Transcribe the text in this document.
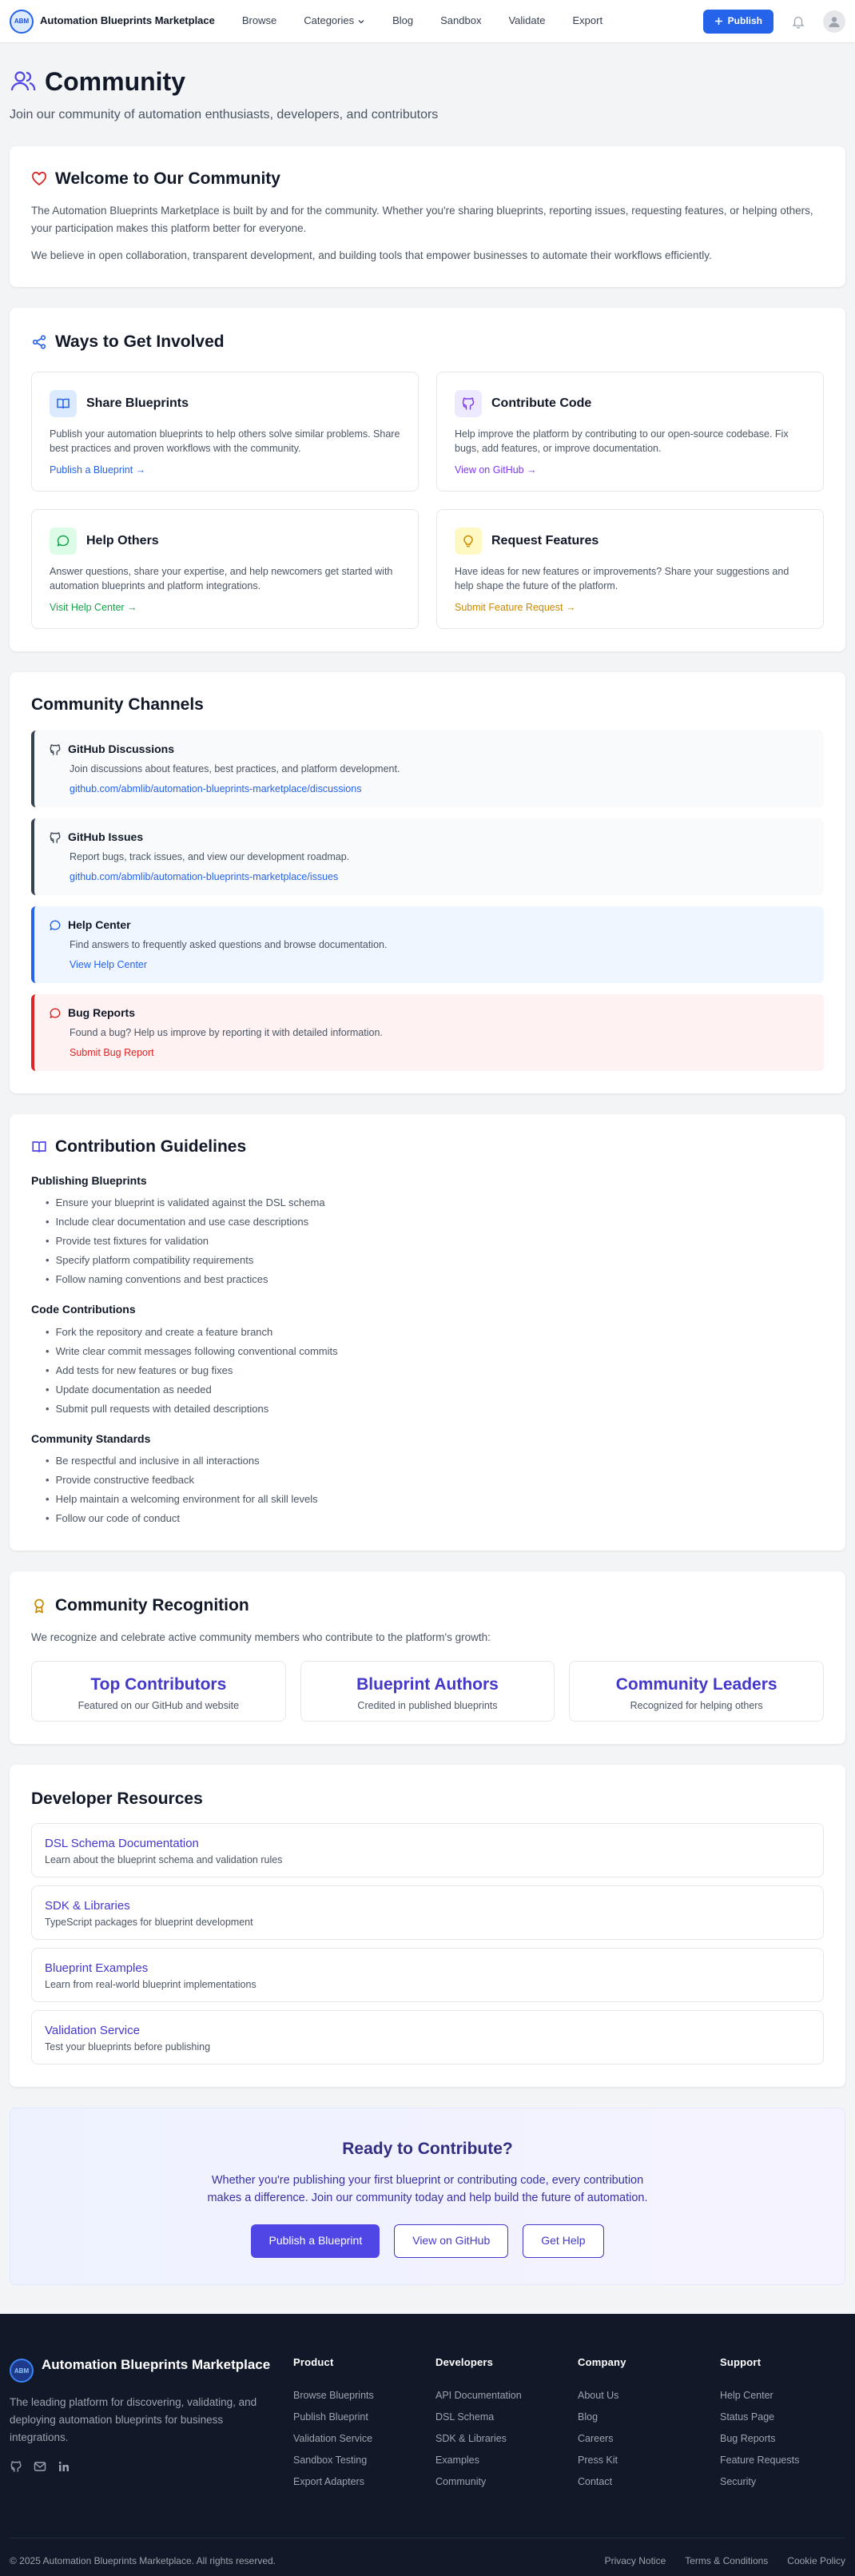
ABM	Automation Blueprints Marketplace	Browse	Categories	Blog	Sandbox	Validate	Export	Publish
Community

Join our community of automation enthusiasts, developers, and contributors

Welcome to Our Community

The Automation Blueprints Marketplace is built by and for the community. Whether you're sharing blueprints, reporting issues, requesting features, or helping others, your participation makes this platform better for everyone.

We believe in open collaboration, transparent development, and building tools that empower businesses to automate their workflows efficiently.

Ways to Get Involved
Share Blueprints

Publish your automation blueprints to help others solve similar problems. Share best practices and proven workflows with the community.

Publish a Blueprint →
Contribute Code

Help improve the platform by contributing to our open-source codebase. Fix bugs, add features, or improve documentation.

View on GitHub →
Help Others

Answer questions, share your expertise, and help newcomers get started with automation blueprints and platform integrations.

Visit Help Center →
Request Features

Have ideas for new features or improvements? Share your suggestions and help shape the future of the platform.

Submit Feature Request →
Community Channels
GitHub Discussions

Join discussions about features, best practices, and platform development.

github.com/abmlib/automation-blueprints-marketplace/discussions
GitHub Issues

Report bugs, track issues, and view our development roadmap.

github.com/abmlib/automation-blueprints-marketplace/issues
Help Center

Find answers to frequently asked questions and browse documentation.

View Help Center
Bug Reports

Found a bug? Help us improve by reporting it with detailed information.

Submit Bug Report
Contribution Guidelines
Publishing Blueprints
• Ensure your blueprint is validated against the DSL schema
• Include clear documentation and use case descriptions
• Provide test fixtures for validation
• Specify platform compatibility requirements
• Follow naming conventions and best practices
Code Contributions
• Fork the repository and create a feature branch
• Write clear commit messages following conventional commits
• Add tests for new features or bug fixes
• Update documentation as needed
• Submit pull requests with detailed descriptions
Community Standards
• Be respectful and inclusive in all interactions
• Provide constructive feedback
• Help maintain a welcoming environment for all skill levels
• Follow our code of conduct
Community Recognition

We recognize and celebrate active community members who contribute to the platform's growth:

Top Contributors
Featured on our GitHub and website
Blueprint Authors
Credited in published blueprints
Community Leaders
Recognized for helping others
Developer Resources
DSL Schema Documentation
Learn about the blueprint schema and validation rules
SDK & Libraries
TypeScript packages for blueprint development
Blueprint Examples
Learn from real-world blueprint implementations
Validation Service
Test your blueprints before publishing
Ready to Contribute?

Whether you're publishing your first blueprint or contributing code, every contribution makes a difference. Join our community today and help build the future of automation.

Publish a Blueprint	View on GitHub	Get Help
ABM Automation Blueprints Marketplace

The leading platform for discovering, validating, and deploying automation blueprints for business integrations.

Product
Browse Blueprints
Publish Blueprint
Validation Service
Sandbox Testing
Export Adapters
Developers
API Documentation
DSL Schema
SDK & Libraries
Examples
Community
Company
About Us
Blog
Careers
Press Kit
Contact
Support
Help Center
Status Page
Bug Reports
Feature Requests
Security
© 2025 Automation Blueprints Marketplace. All rights reserved.	Privacy Notice Terms & Conditions Cookie Policy
